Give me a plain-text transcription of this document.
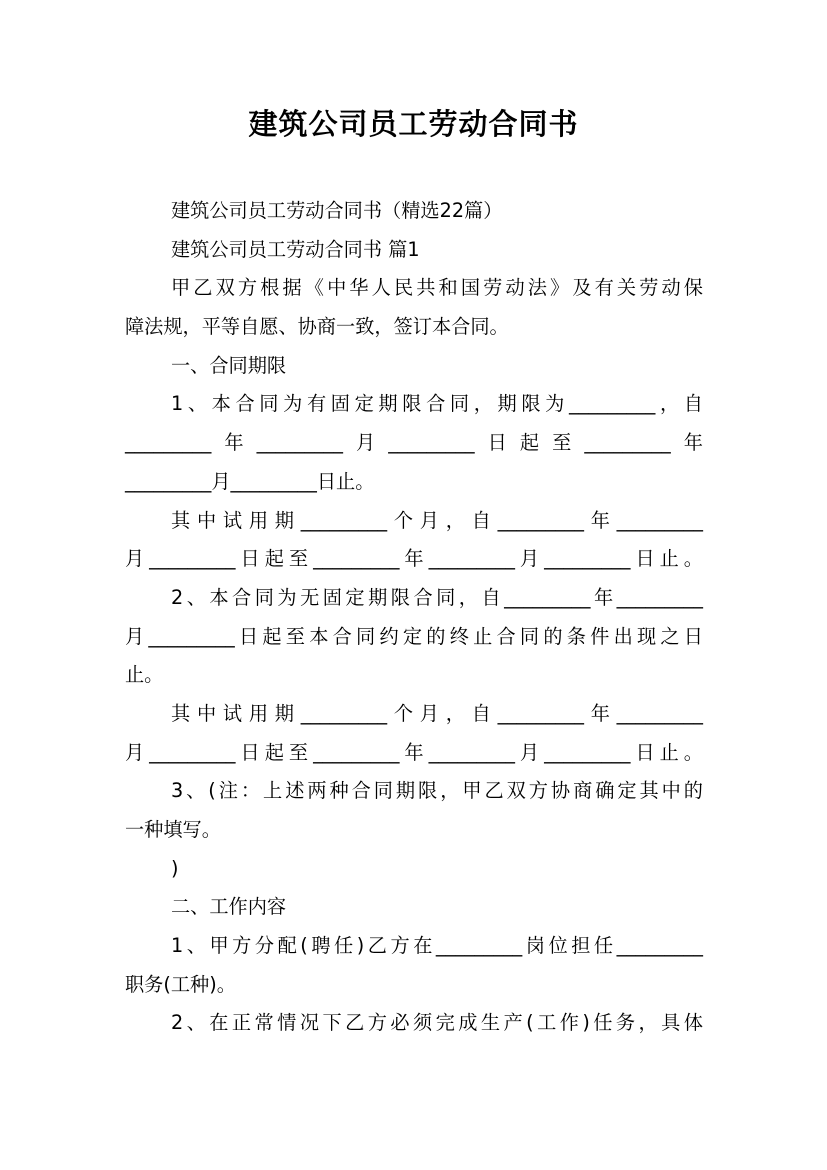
建筑公司员工劳动合同书
建筑公司员工劳动合同书（精选22篇）
建筑公司员工劳动合同书 篇1
甲乙双方根据《中华人民共和国劳动法》及有关劳动保
障法规，平等自愿、协商一致，签订本合同。
一、合同期限
1、本合同为有固定期限合同，期限为_________，自
_________年_________月_________日起至_________年
_________月_________日止。
其中试用期_________个月，自_________年_________
月_________日起至_________年_________月_________日止。
2、本合同为无固定期限合同，自_________年_________
月_________日起至本合同约定的终止合同的条件出现之日
止。
其中试用期_________个月，自_________年_________
月_________日起至_________年_________月_________日止。
3、(注：上述两种合同期限，甲乙双方协商确定其中的
一种填写。
)
二、工作内容
1、甲方分配(聘任)乙方在_________岗位担任_________
职务(工种)。
2、在正常情况下乙方必须完成生产(工作)任务，具体
